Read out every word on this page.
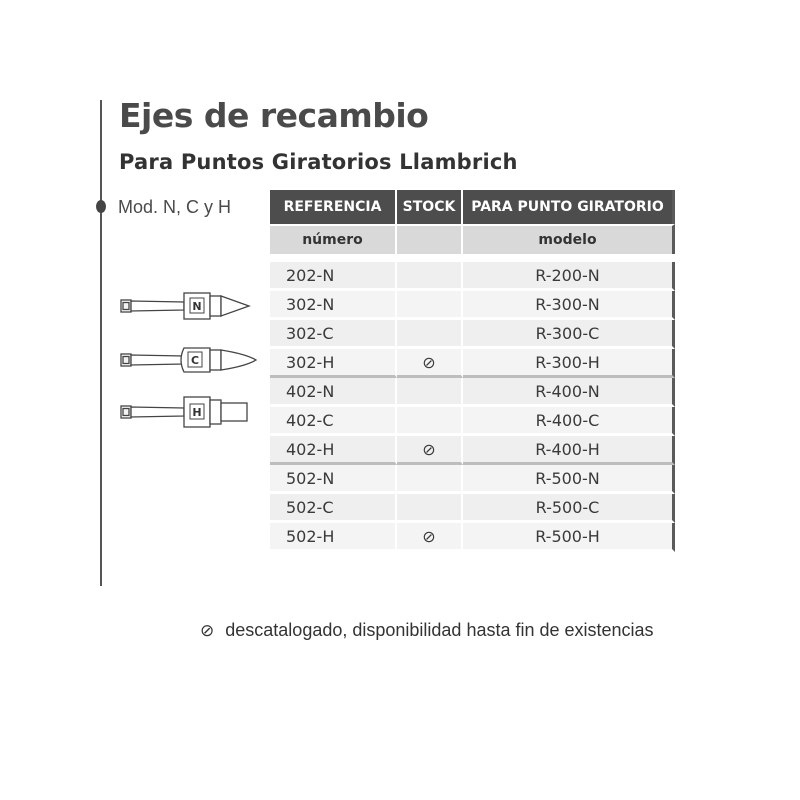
Ejes de recambio
Para Puntos Giratorios Llambrich
Mod. N, C y H
N
C
H
REFERENCIA	STOCK	PARA PUNTO GIRATORIO
número		modelo

202-N		R-200-N
302-N		R-300-N
302-C		R-300-C
302-H	⊘	R-300-H
402-N		R-400-N
402-C		R-400-C
402-H	⊘	R-400-H
502-N		R-500-N
502-C		R-500-C
502-H	⊘	R-500-H
⊘ descatalogado, disponibilidad hasta fin de existencias
